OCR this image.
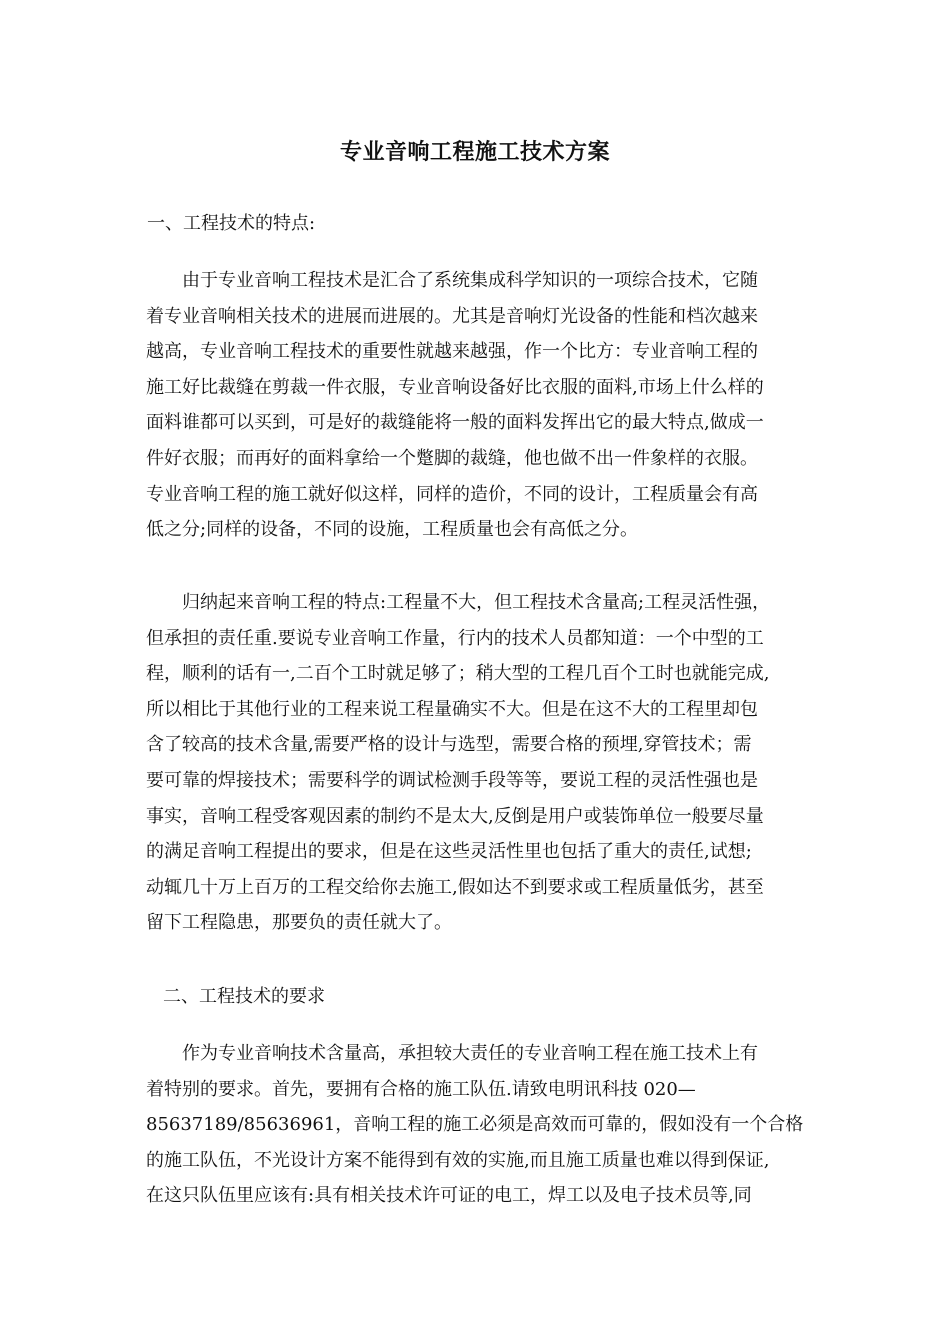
专业音响工程施工技术方案
一、工程技术的特点:
由于专业音响工程技术是汇合了系统集成科学知识的一项综合技术，它随
着专业音响相关技术的进展而进展的。尤其是音响灯光设备的性能和档次越来
越高，专业音响工程技术的重要性就越来越强，作一个比方：专业音响工程的
施工好比裁缝在剪裁一件衣服，专业音响设备好比衣服的面料,市场上什么样的
面料谁都可以买到，可是好的裁缝能将一般的面料发挥出它的最大特点,做成一
件好衣服；而再好的面料拿给一个蹩脚的裁缝，他也做不出一件象样的衣服。
专业音响工程的施工就好似这样，同样的造价，不同的设计，工程质量会有高
低之分;同样的设备，不同的设施，工程质量也会有高低之分。
归纳起来音响工程的特点:工程量不大，但工程技术含量高;工程灵活性强，
但承担的责任重.要说专业音响工作量，行内的技术人员都知道：一个中型的工
程，顺利的话有一,二百个工时就足够了；稍大型的工程几百个工时也就能完成,
所以相比于其他行业的工程来说工程量确实不大。但是在这不大的工程里却包
含了较高的技术含量,需要严格的设计与选型，需要合格的预埋,穿管技术；需
要可靠的焊接技术；需要科学的调试检测手段等等，要说工程的灵活性强也是
事实，音响工程受客观因素的制约不是太大,反倒是用户或装饰单位一般要尽量
的满足音响工程提出的要求，但是在这些灵活性里也包括了重大的责任,试想;
动辄几十万上百万的工程交给你去施工,假如达不到要求或工程质量低劣，甚至
留下工程隐患，那要负的责任就大了。
二、工程技术的要求
作为专业音响技术含量高，承担较大责任的专业音响工程在施工技术上有
着特别的要求。首先，要拥有合格的施工队伍.请致电明讯科技 020—
85637189/85636961，音响工程的施工必须是高效而可靠的，假如没有一个合格
的施工队伍，不光设计方案不能得到有效的实施,而且施工质量也难以得到保证,
在这只队伍里应该有:具有相关技术许可证的电工，焊工以及电子技术员等,同
